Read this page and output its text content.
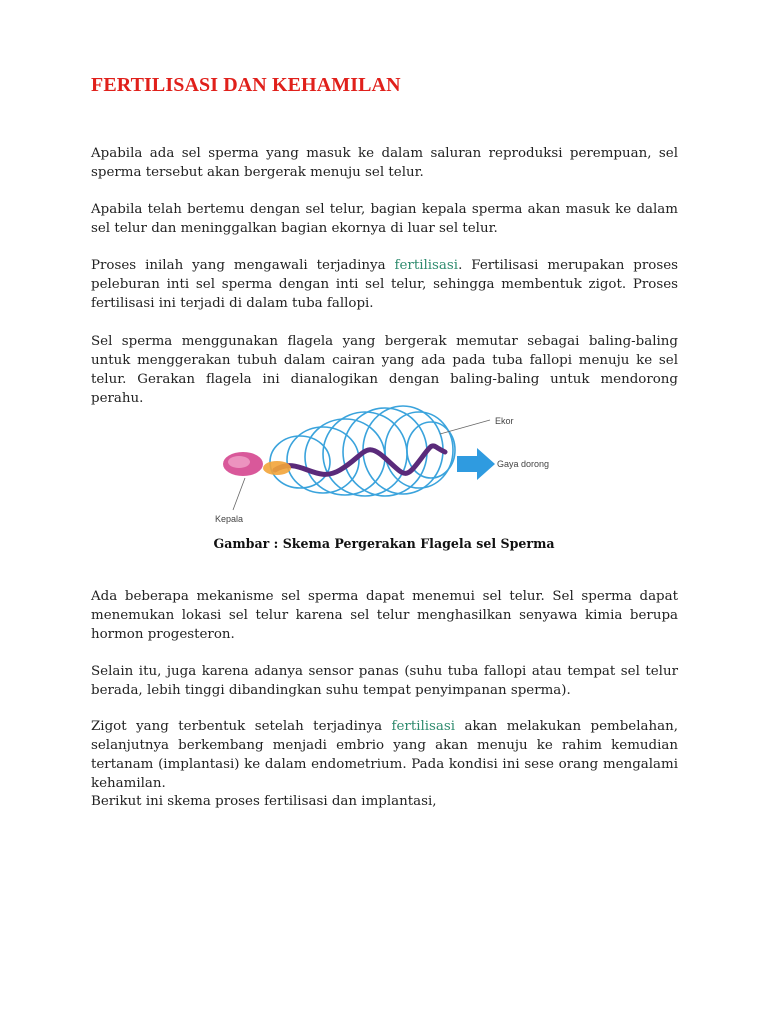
FERTILISASI DAN KEHAMILAN

Apabila ada sel sperma yang masuk ke dalam saluran reproduksi perempuan, sel sperma tersebut akan bergerak menuju sel telur.

Apabila telah bertemu dengan sel telur, bagian kepala sperma akan masuk ke dalam sel telur dan meninggalkan bagian ekornya di luar sel telur.

Proses inilah yang mengawali terjadinya fertilisasi. Fertilisasi merupakan proses peleburan inti sel sperma dengan inti sel telur, sehingga membentuk zigot. Proses fertilisasi ini terjadi di dalam tuba fallopi.

Sel sperma menggunakan flagela yang bergerak memutar sebagai baling-baling untuk menggerakan tubuh dalam cairan yang ada pada tuba fallopi menuju ke sel telur. Gerakan flagela ini dianalogikan dengan baling-baling untuk mendorong perahu.

Ekor
Gaya dorong
Kepala
Gambar : Skema Pergerakan Flagela sel Sperma

Ada beberapa mekanisme sel sperma dapat menemui sel telur. Sel sperma dapat menemukan lokasi sel telur karena sel telur menghasilkan senyawa kimia berupa hormon progesteron.

Selain itu, juga karena adanya sensor panas (suhu tuba fallopi atau tempat sel telur berada, lebih tinggi dibandingkan suhu tempat penyimpanan sperma).

Zigot yang terbentuk setelah terjadinya fertilisasi akan melakukan pembelahan, selanjutnya berkembang menjadi embrio yang akan menuju ke rahim kemudian tertanam (implantasi) ke dalam endometrium. Pada kondisi ini sese orang mengalami kehamilan.

Berikut ini skema proses fertilisasi dan implantasi,
